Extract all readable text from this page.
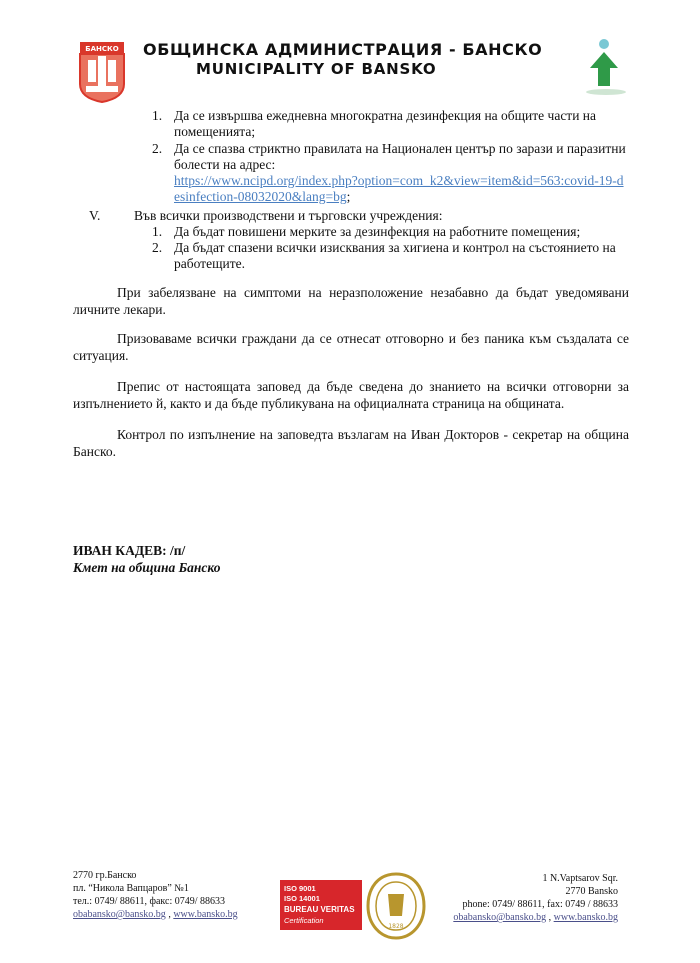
БАНСКО ОБЩИНСКА АДМИНИСТРАЦИЯ - БАНСКО
MUNICIPALITY OF BANSKO
1. Да се извършва ежедневна многократна дезинфекция на общите части на помещенията;
2. Да се спазва стриктно правилата на Национален център по зарази и паразитни болести на адрес:
https://www.ncipd.org/index.php?option=com_k2&view=item&id=563:covid-19-desinfection-08032020&lang=bg;
V. Във всички производствени и търговски учреждения:
1. Да бъдат повишени мерките за дезинфекция на работните помещения;
2. Да бъдат спазени всички изисквания за хигиена и контрол на състоянието на работещите.
При забелязване на симптоми на неразположение незабавно да бъдат уведомявани личните лекари.
Призоваваме всички граждани да се отнесат отговорно и без паника към създалата се ситуация.
Препис от настоящата заповед да бъде сведена до знанието на всички отговорни за изпълнението й, както и да бъде публикувана на официалната страница на общината.
Контрол по изпълнение на заповедта възлагам на Иван Докторов - секретар на община Банско.
ИВАН КАДЕВ: /п/
Кмет на община Банско
2770 гр.Банско
пл. “Никола Вапцаров” №1
тел.: 0749/ 88611, факс: 0749/ 88633
obabansko@bansko.bg , www.bansko.bg
ISO 9001
ISO 14001
BUREAU VERITAS
Certification
1828
1 N.Vaptsarov Sqr.
2770 Bansko
phone: 0749/ 88611, fax: 0749 / 88633
obabansko@bansko.bg , www.bansko.bg
